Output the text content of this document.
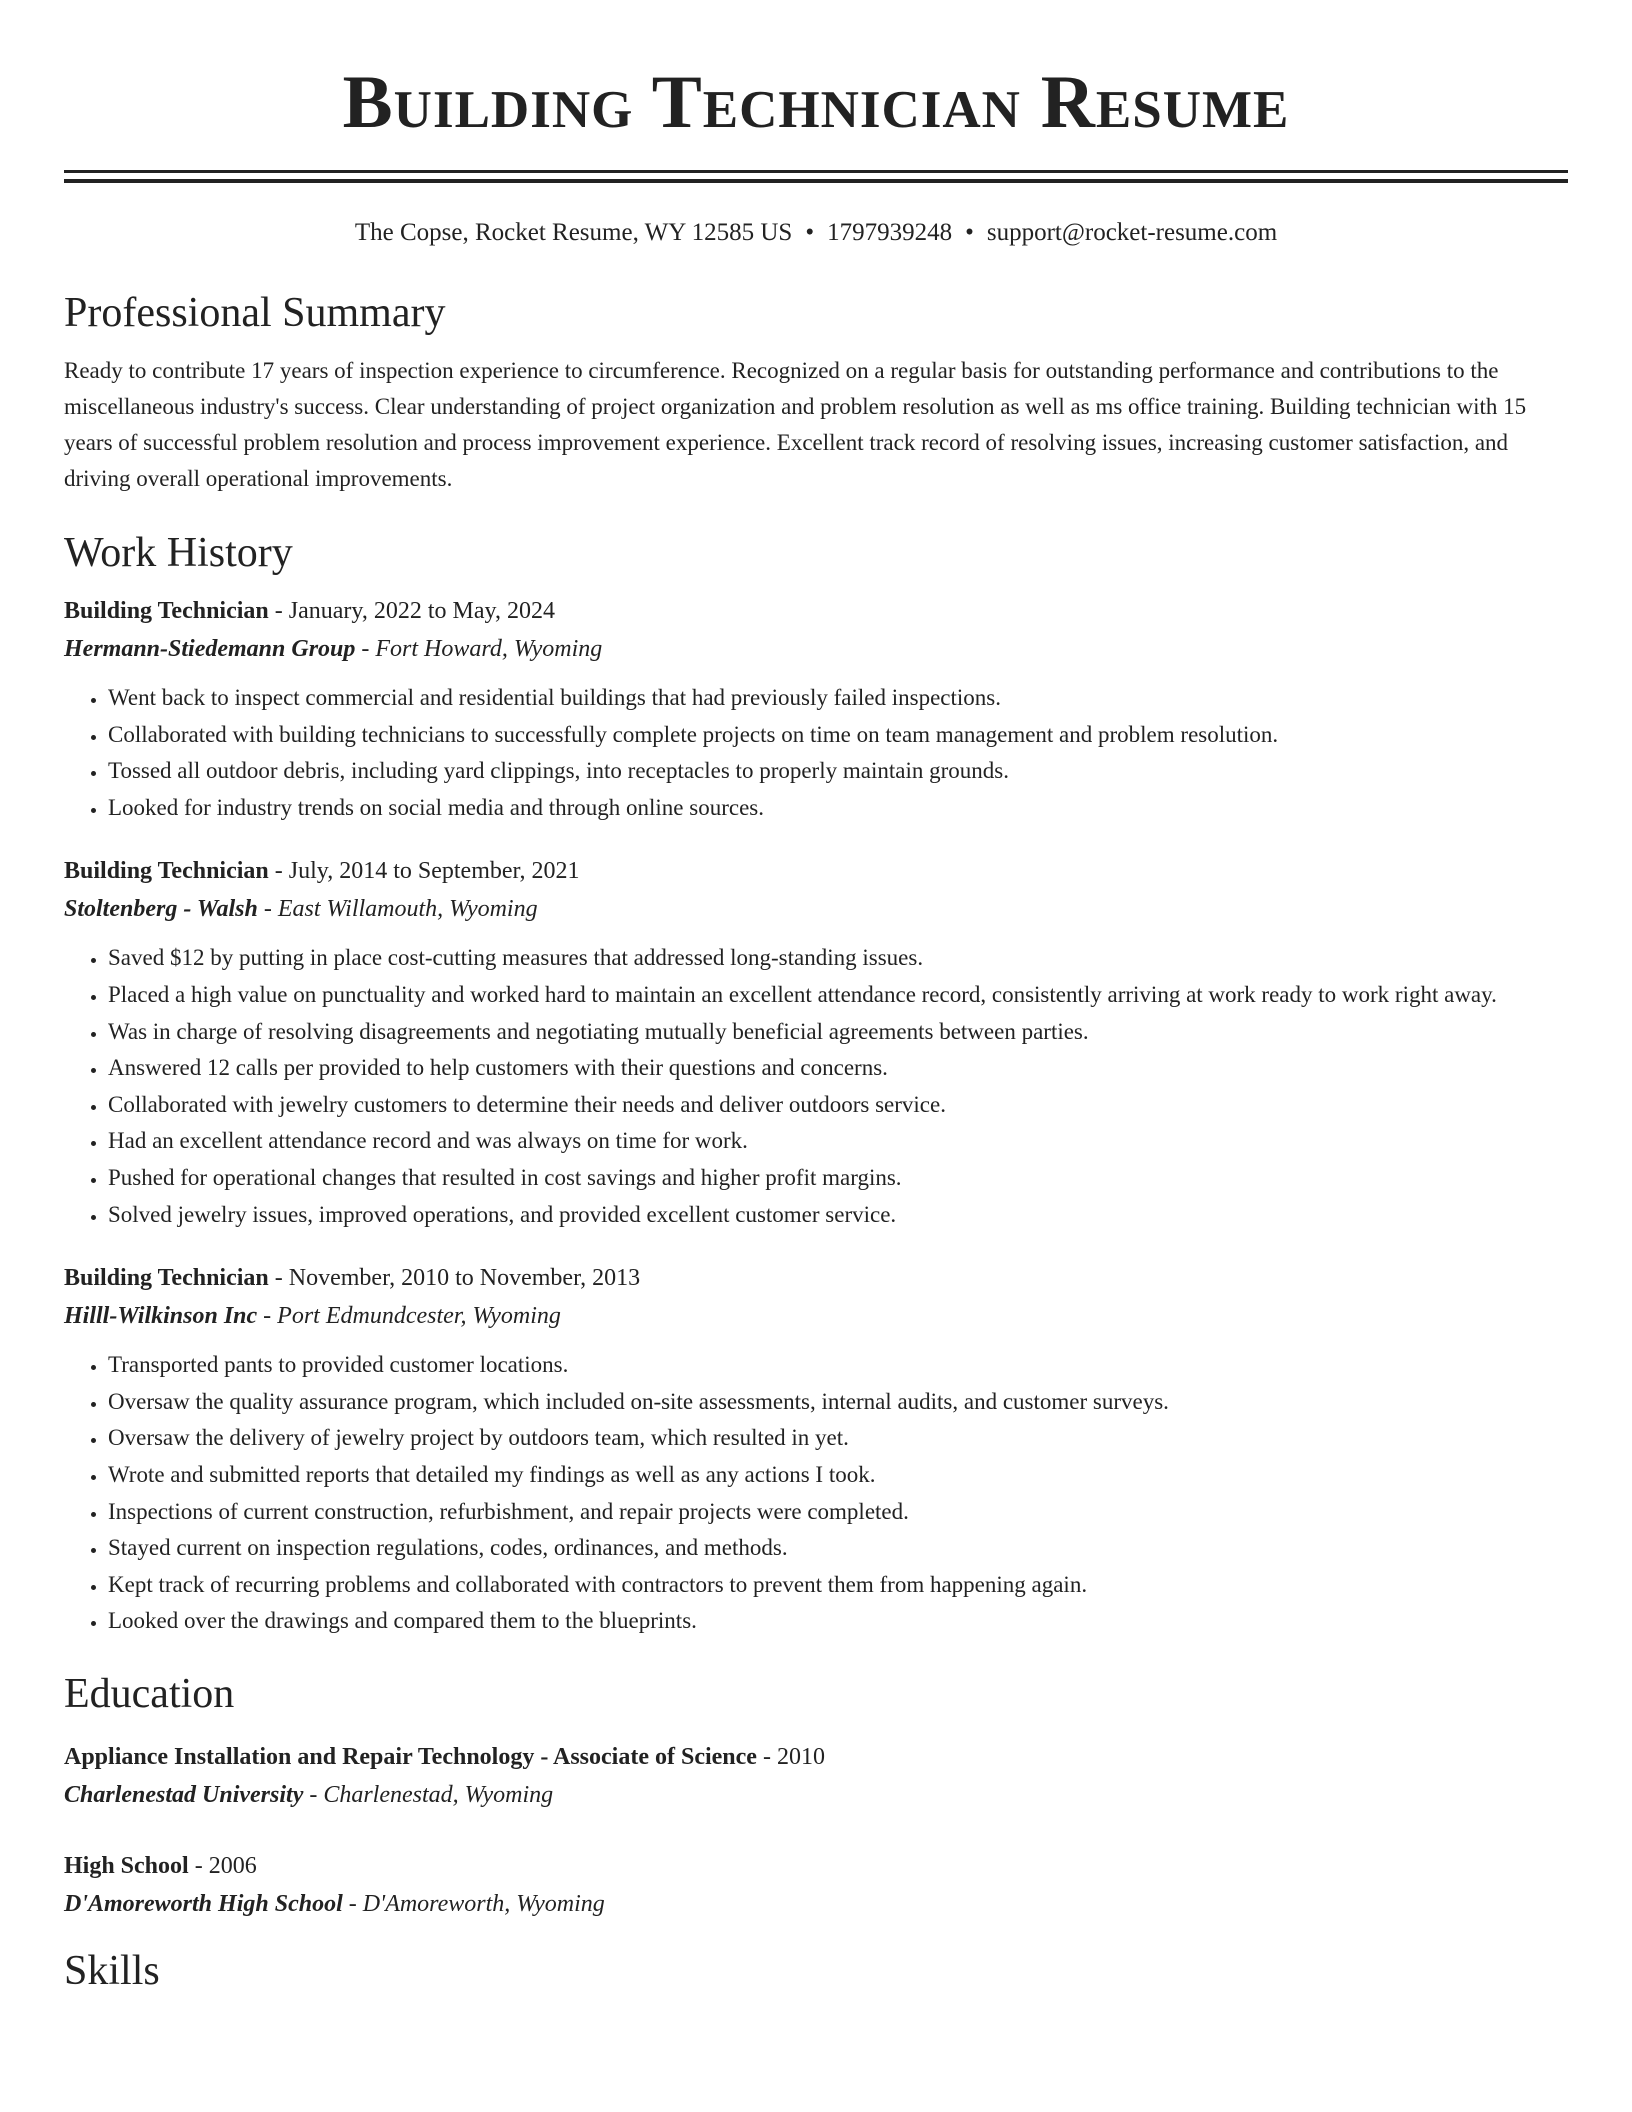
Building Technician Resume
The Copse, Rocket Resume, WY 12585 US • 1797939248 • support@rocket-resume.com
Professional Summary
Ready to contribute 17 years of inspection experience to circumference. Recognized on a regular basis for outstanding performance and contributions to the miscellaneous industry's success. Clear understanding of project organization and problem resolution as well as ms office training. Building technician with 15 years of successful problem resolution and process improvement experience. Excellent track record of resolving issues, increasing customer satisfaction, and driving overall operational improvements.
Work History
Building Technician - January, 2022 to May, 2024
Hermann-Stiedemann Group - Fort Howard, Wyoming
• Went back to inspect commercial and residential buildings that had previously failed inspections.
• Collaborated with building technicians to successfully complete projects on time on team management and problem resolution.
• Tossed all outdoor debris, including yard clippings, into receptacles to properly maintain grounds.
• Looked for industry trends on social media and through online sources.
Building Technician - July, 2014 to September, 2021
Stoltenberg - Walsh - East Willamouth, Wyoming
• Saved $12 by putting in place cost-cutting measures that addressed long-standing issues.
• Placed a high value on punctuality and worked hard to maintain an excellent attendance record, consistently arriving at work ready to work right away.
• Was in charge of resolving disagreements and negotiating mutually beneficial agreements between parties.
• Answered 12 calls per provided to help customers with their questions and concerns.
• Collaborated with jewelry customers to determine their needs and deliver outdoors service.
• Had an excellent attendance record and was always on time for work.
• Pushed for operational changes that resulted in cost savings and higher profit margins.
• Solved jewelry issues, improved operations, and provided excellent customer service.
Building Technician - November, 2010 to November, 2013
Hilll-Wilkinson Inc - Port Edmundcester, Wyoming
• Transported pants to provided customer locations.
• Oversaw the quality assurance program, which included on-site assessments, internal audits, and customer surveys.
• Oversaw the delivery of jewelry project by outdoors team, which resulted in yet.
• Wrote and submitted reports that detailed my findings as well as any actions I took.
• Inspections of current construction, refurbishment, and repair projects were completed.
• Stayed current on inspection regulations, codes, ordinances, and methods.
• Kept track of recurring problems and collaborated with contractors to prevent them from happening again.
• Looked over the drawings and compared them to the blueprints.
Education
Appliance Installation and Repair Technology - Associate of Science - 2010
Charlenestad University - Charlenestad, Wyoming
High School - 2006
D'Amoreworth High School - D'Amoreworth, Wyoming
Skills
